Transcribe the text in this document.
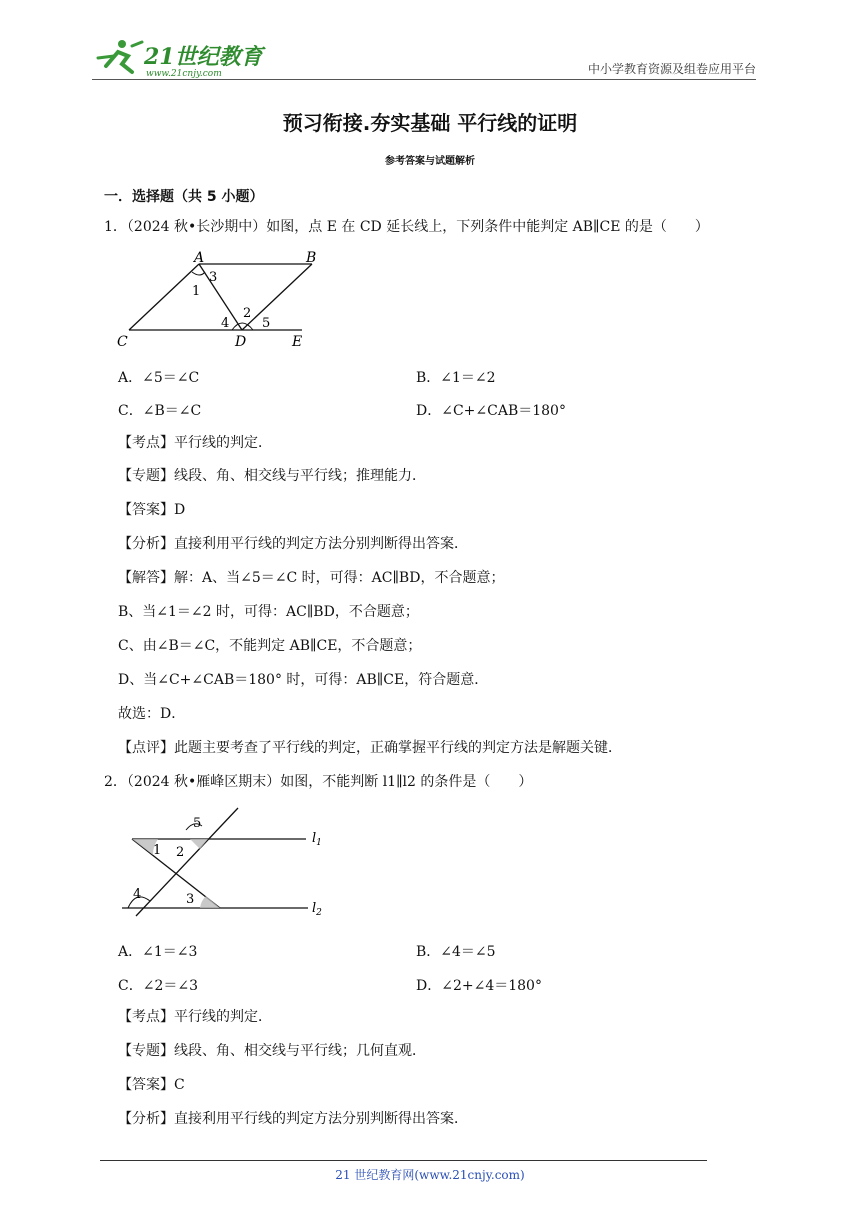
21世纪教育
www.21cnjy.com	中小学教育资源及组卷应用平台
预习衔接.夯实基础 平行线的证明
参考答案与试题解析
一．选择题（共 5 小题）
1．（2024 秋•长沙期中）如图，点 E 在 CD 延长线上，下列条件中能判定 AB∥CE 的是（　　）
A	B
C	D	E
1
2
3
4	5
A．∠5＝∠C	B．∠1＝∠2
C．∠B＝∠C	D．∠C+∠CAB＝180°
【考点】平行线的判定．
【专题】线段、角、相交线与平行线；推理能力．
【答案】D
【分析】直接利用平行线的判定方法分别判断得出答案．
【解答】解：A、当∠5＝∠C 时，可得：AC∥BD，不合题意；
B、当∠1＝∠2 时，可得：AC∥BD，不合题意；
C、由∠B＝∠C，不能判定 AB∥CE，不合题意；
D、当∠C+∠CAB＝180° 时，可得：AB∥CE，符合题意．
故选：D．
【点评】此题主要考查了平行线的判定，正确掌握平行线的判定方法是解题关键．
2．（2024 秋•雁峰区期末）如图，不能判断 l1∥l2 的条件是（　　）
$l_1$
$l_2$
1 2
3
4
5
A．∠1＝∠3	B．∠4＝∠5
C．∠2＝∠3	D．∠2+∠4＝180°
【考点】平行线的判定．
【专题】线段、角、相交线与平行线；几何直观．
【答案】C
【分析】直接利用平行线的判定方法分别判断得出答案．
21 世纪教育网(www.21cnjy.com)
